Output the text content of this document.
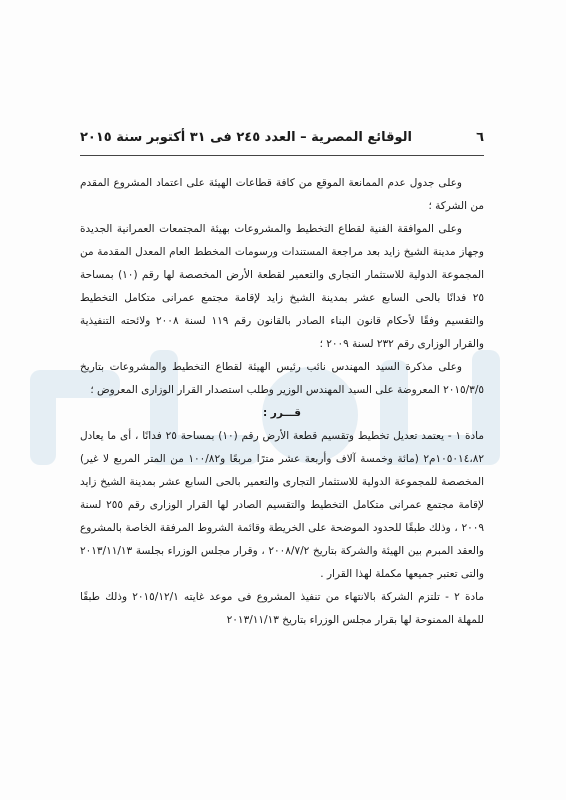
٦
الوقائع المصرية – العدد ٢٤٥ فى ٣١ أكتوبر سنة ٢٠١٥

وعلى جدول عدم الممانعة الموقع من كافة قطاعات الهيئة على اعتماد المشروع المقدم من الشركة ؛

وعلى الموافقة الفنية لقطاع التخطيط والمشروعات بهيئة المجتمعات العمرانية الجديدة وجهاز مدينة الشيخ زايد بعد مراجعة المستندات ورسومات المخطط العام المعدل المقدمة من المجموعة الدولية للاستثمار التجارى والتعمير لقطعة الأرض المخصصة لها رقم (١٠) بمساحة ٢٥ فدانًا بالحى السابع عشر بمدينة الشيخ زايد لإقامة مجتمع عمرانى متكامل التخطيط والتقسيم وفقًا لأحكام قانون البناء الصادر بالقانون رقم ١١٩ لسنة ٢٠٠٨ ولائحته التنفيذية والقرار الوزارى رقم ٢٣٢ لسنة ٢٠٠٩ ؛

وعلى مذكرة السيد المهندس نائب رئيس الهيئة لقطاع التخطيط والمشروعات بتاريخ ٢٠١٥/٣/٥ المعروضة على السيد المهندس الوزير وطلب استصدار القرار الوزارى المعروض ؛

قـــرر :

مادة ١ - يعتمد تعديل تخطيط وتقسيم قطعة الأرض رقم (١٠) بمساحة ٢٥ فدانًا ، أى ما يعادل ١٠٥٠١٤،٨٢م٢ (مائة وخمسة آلاف وأربعة عشر مترًا مربعًا و١٠٠/٨٢ من المتر المربع لا غير) المخصصة للمجموعة الدولية للاستثمار التجارى والتعمير بالحى السابع عشر بمدينة الشيخ زايد لإقامة مجتمع عمرانى متكامل التخطيط والتقسيم الصادر لها القرار الوزارى رقم ٢٥٥ لسنة ٢٠٠٩ ، وذلك طبقًا للحدود الموضحة على الخريطة وقائمة الشروط المرفقة الخاصة بالمشروع والعقد المبرم بين الهيئة والشركة بتاريخ ٢٠٠٨/٧/٢ ، وقرار مجلس الوزراء بجلسة ٢٠١٣/١١/١٣ والتى تعتبر جميعها مكملة لهذا القرار .

مادة ٢ - تلتزم الشركة بالانتهاء من تنفيذ المشروع فى موعد غايته ٢٠١٥/١٢/١ وذلك طبقًا للمهلة الممنوحة لها بقرار مجلس الوزراء بتاريخ ٢٠١٣/١١/١٣
